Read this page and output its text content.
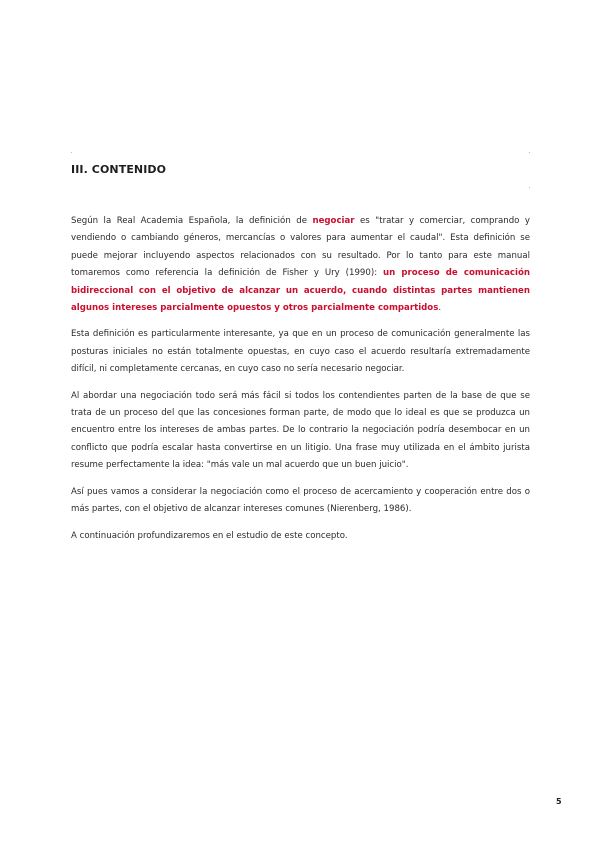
III. CONTENIDO

Según la Real Academia Española, la definición de negociar es "tratar y comerciar, comprando y vendiendo o cambiando géneros, mercancías o valores para aumentar el caudal". Esta definición se puede mejorar incluyendo aspectos relacionados con su resultado. Por lo tanto para este manual tomaremos como referencia la definición de Fisher y Ury (1990): un proceso de comunicación bidireccional con el objetivo de alcanzar un acuerdo, cuando distintas partes mantienen algunos intereses parcialmente opuestos y otros parcialmente compartidos.

Esta definición es particularmente interesante, ya que en un proceso de comunicación generalmente las posturas iniciales no están totalmente opuestas, en cuyo caso el acuerdo resultaría extremadamente difícil, ni completamente cercanas, en cuyo caso no sería necesario negociar.

Al abordar una negociación todo será más fácil si todos los contendientes parten de la base de que se trata de un proceso del que las concesiones forman parte, de modo que lo ideal es que se produzca un encuentro entre los intereses de ambas partes. De lo contrario la negociación podría desembocar en un conflicto que podría escalar hasta convertirse en un litigio. Una frase muy utilizada en el ámbito jurista resume perfectamente la idea: "más vale un mal acuerdo que un buen juicio".

Así pues vamos a considerar la negociación como el proceso de acercamiento y cooperación entre dos o más partes, con el objetivo de alcanzar intereses comunes (Nierenberg, 1986).

A continuación profundizaremos en el estudio de este concepto.

5
